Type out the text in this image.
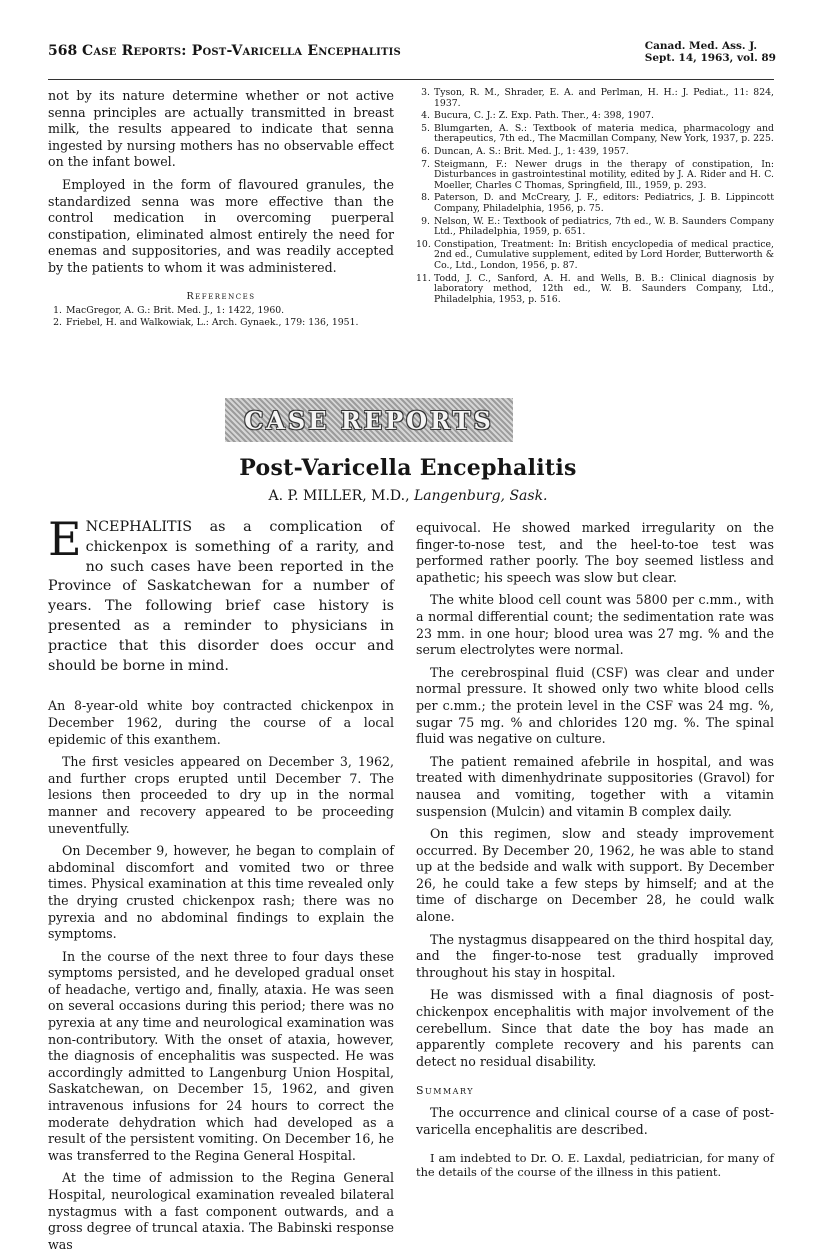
568 Case Reports: Post-Varicella Encephalitis	Canad. Med. Ass. J.
Sept. 14, 1963, vol. 89

not by its nature determine whether or not active senna principles are actually transmitted in breast milk, the results appeared to indicate that senna ingested by nursing mothers has no observable effect on the infant bowel.

Employed in the form of flavoured granules, the standardized senna was more effective than the control medication in overcoming puerperal constipation, eliminated almost entirely the need for enemas and suppositories, and was readily accepted by the patients to whom it was administered.

References
1. MacGregor, A. G.: Brit. Med. J., 1: 1422, 1960.
2. Friebel, H. and Walkowiak, L.: Arch. Gynaek., 179: 136, 1951.
3. Tyson, R. M., Shrader, E. A. and Perlman, H. H.: J. Pediat., 11: 824, 1937.
4. Bucura, C. J.: Z. Exp. Path. Ther., 4: 398, 1907.
5. Blumgarten, A. S.: Textbook of materia medica, pharmacology and therapeutics, 7th ed., The Macmillan Company, New York, 1937, p. 225.
6. Duncan, A. S.: Brit. Med. J., 1: 439, 1957.
7. Steigmann, F.: Newer drugs in the therapy of constipation, In: Disturbances in gastrointestinal motility, edited by J. A. Rider and H. C. Moeller, Charles C Thomas, Springfield, Ill., 1959, p. 293.
8. Paterson, D. and McCreary, J. F., editors: Pediatrics, J. B. Lippincott Company, Philadelphia, 1956, p. 75.
9. Nelson, W. E.: Textbook of pediatrics, 7th ed., W. B. Saunders Company Ltd., Philadelphia, 1959, p. 651.
10. Constipation, Treatment: In: British encyclopedia of medical practice, 2nd ed., Cumulative supplement, edited by Lord Horder, Butterworth & Co., Ltd., London, 1956, p. 87.
11. Todd, J. C., Sanford, A. H. and Wells, B. B.: Clinical diagnosis by laboratory method, 12th ed., W. B. Saunders Company, Ltd., Philadelphia, 1953, p. 516.
CASE REPORTS
Post-Varicella Encephalitis
A. P. MILLER, M.D., Langenburg, Sask.

ENCEPHALITIS as a complication of chickenpox is something of a rarity, and no such cases have been reported in the Province of Saskatchewan for a number of years. The following brief case history is presented as a reminder to physicians in practice that this disorder does occur and should be borne in mind.

An 8-year-old white boy contracted chickenpox in December 1962, during the course of a local epidemic of this exanthem.

The first vesicles appeared on December 3, 1962, and further crops erupted until December 7. The lesions then proceeded to dry up in the normal manner and recovery appeared to be proceeding uneventfully.

On December 9, however, he began to complain of abdominal discomfort and vomited two or three times. Physical examination at this time revealed only the drying crusted chickenpox rash; there was no pyrexia and no abdominal findings to explain the symptoms.

In the course of the next three to four days these symptoms persisted, and he developed gradual onset of headache, vertigo and, finally, ataxia. He was seen on several occasions during this period; there was no pyrexia at any time and neurological examination was non-contributory. With the onset of ataxia, however, the diagnosis of encephalitis was suspected. He was accordingly admitted to Langenburg Union Hospital, Saskatchewan, on December 15, 1962, and given intravenous infusions for 24 hours to correct the moderate dehydration which had developed as a result of the persistent vomiting. On December 16, he was transferred to the Regina General Hospital.

At the time of admission to the Regina General Hospital, neurological examination revealed bilateral nystagmus with a fast component outwards, and a gross degree of truncal ataxia. The Babinski response was

equivocal. He showed marked irregularity on the finger-to-nose test, and the heel-to-toe test was performed rather poorly. The boy seemed listless and apathetic; his speech was slow but clear.

The white blood cell count was 5800 per c.mm., with a normal differential count; the sedimentation rate was 23 mm. in one hour; blood urea was 27 mg. % and the serum electrolytes were normal.

The cerebrospinal fluid (CSF) was clear and under normal pressure. It showed only two white blood cells per c.mm.; the protein level in the CSF was 24 mg. %, sugar 75 mg. % and chlorides 120 mg. %. The spinal fluid was negative on culture.

The patient remained afebrile in hospital, and was treated with dimenhydrinate suppositories (Gravol) for nausea and vomiting, together with a vitamin suspension (Mulcin) and vitamin B complex daily.

On this regimen, slow and steady improvement occurred. By December 20, 1962, he was able to stand up at the bedside and walk with support. By December 26, he could take a few steps by himself; and at the time of discharge on December 28, he could walk alone.

The nystagmus disappeared on the third hospital day, and the finger-to-nose test gradually improved throughout his stay in hospital.

He was dismissed with a final diagnosis of post-chickenpox encephalitis with major involvement of the cerebellum. Since that date the boy has made an apparently complete recovery and his parents can detect no residual disability.

Summary

The occurrence and clinical course of a case of post-varicella encephalitis are described.

I am indebted to Dr. O. E. Laxdal, pediatrician, for many of the details of the course of the illness in this patient.
